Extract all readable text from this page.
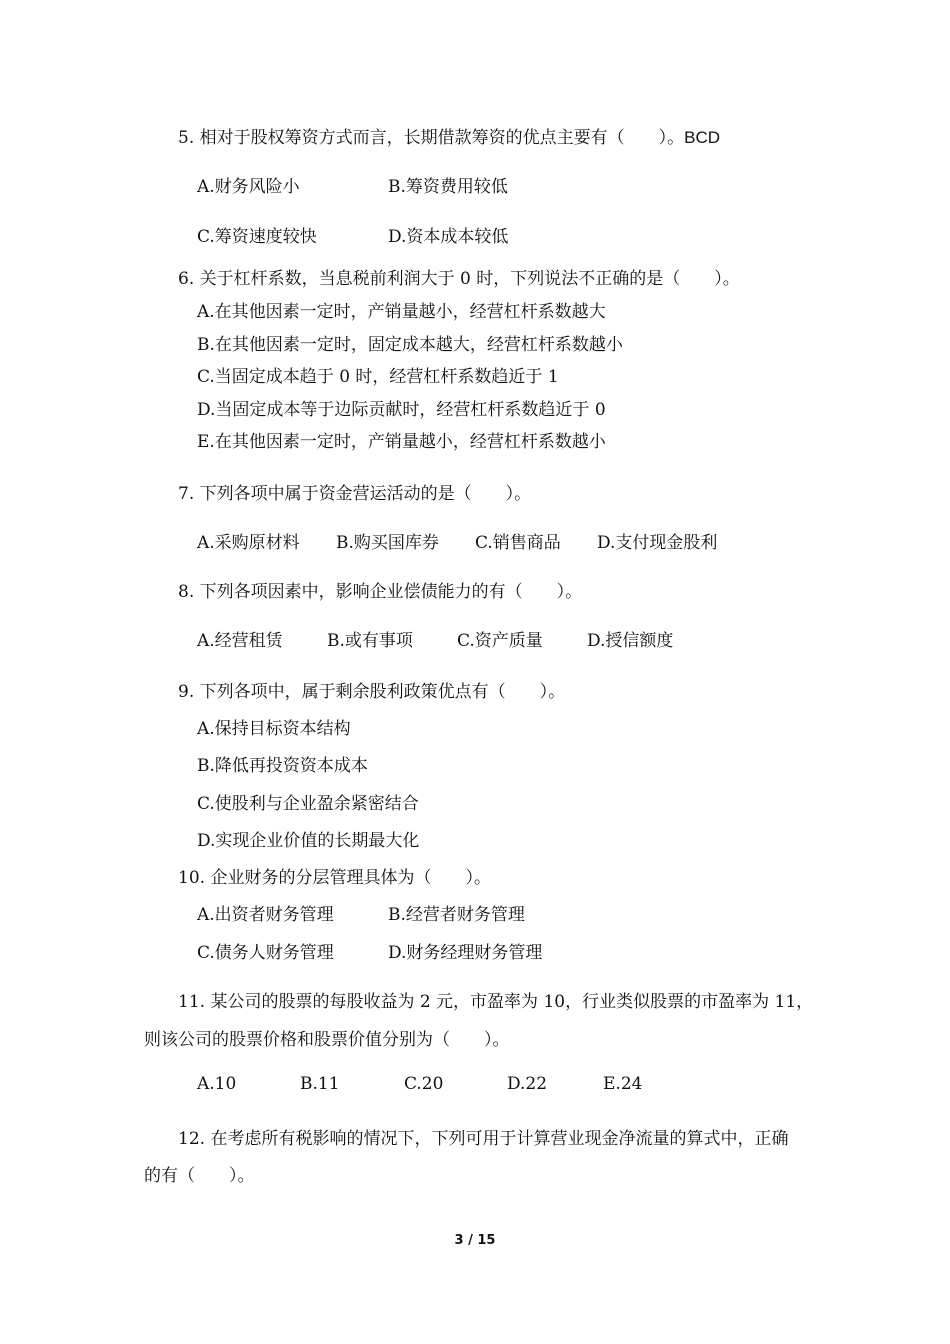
5. 相对于股权筹资方式而言，长期借款筹资的优点主要有（　　）。BCD
A.财务风险小	B.筹资费用较低
C.筹资速度较快	D.资本成本较低
6. 关于杠杆系数，当息税前利润大于 0 时，下列说法不正确的是（　　）。
A.在其他因素一定时，产销量越小，经营杠杆系数越大
B.在其他因素一定时，固定成本越大，经营杠杆系数越小
C.当固定成本趋于 0 时，经营杠杆系数趋近于 1
D.当固定成本等于边际贡献时，经营杠杆系数趋近于 0
E.在其他因素一定时，产销量越小，经营杠杆系数越小
7. 下列各项中属于资金营运活动的是（　　）。
A.采购原材料 B.购买国库券 C.销售商品 D.支付现金股利
8. 下列各项因素中，影响企业偿债能力的有（　　）。
A.经营租赁	B.或有事项	C.资产质量	D.授信额度
9. 下列各项中，属于剩余股利政策优点有（　　）。
A.保持目标资本结构
B.降低再投资资本成本
C.使股利与企业盈余紧密结合
D.实现企业价值的长期最大化
10. 企业财务的分层管理具体为（　　）。
A.出资者财务管理	B.经营者财务管理
C.债务人财务管理	D.财务经理财务管理
11. 某公司的股票的每股收益为 2 元，市盈率为 10，行业类似股票的市盈率为 11，
则该公司的股票价格和股票价值分别为（　　）。
A.10	B.11	C.20	D.22	E.24
12. 在考虑所有税影响的情况下，下列可用于计算营业现金净流量的算式中，正确
的有（　　）。
3 / 15
